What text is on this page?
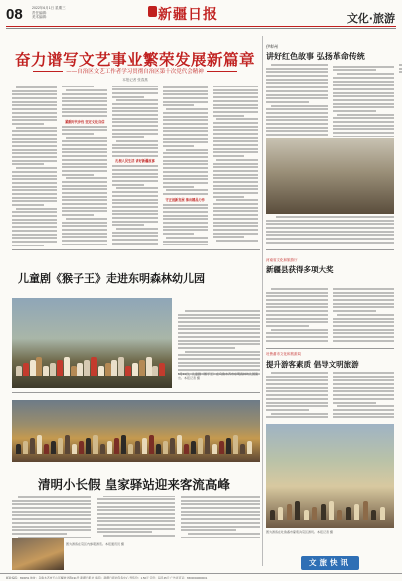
08	2022年6月1日 星期三
责任编辑：
美术编辑：	新疆日报	文化·旅游
奋力谱写文艺事业繁荣发展新篇章
——自治区文艺工作者学习贯彻自治区第十次党代会精神
本报记者 张春燕
紧跟时代步伐 坚定文化自信
扎根人民生活 讲好新疆故事
守正创新发展 推出精品力作
伊犁州
讲好红色故事 弘扬革命传统
儿童剧《猴子王》走进东明森林幼儿园
5月31日，儿童剧《猴子王》在乌鲁木齐市东明森林幼儿园演出。本报记者 摄
清明小长假 皇家驿站迎来客流高峰
图为游客在景区内参观游览。本报通讯员 摄
河南省文化和旅游厅
新疆县获得多项大奖
吐鲁番市文化和旅游局
提升游客素质 倡导文明旅游
图为游客在吐鲁番市葡萄沟景区游玩。本报记者 摄
文旅快讯
邮政编码：830051 地址：乌鲁木齐市天山区解放北路191号 新疆日报社 承印：新疆日报社印务中心 零售价：1.50元 定价：每月45元 广告许可证：6500004000001
